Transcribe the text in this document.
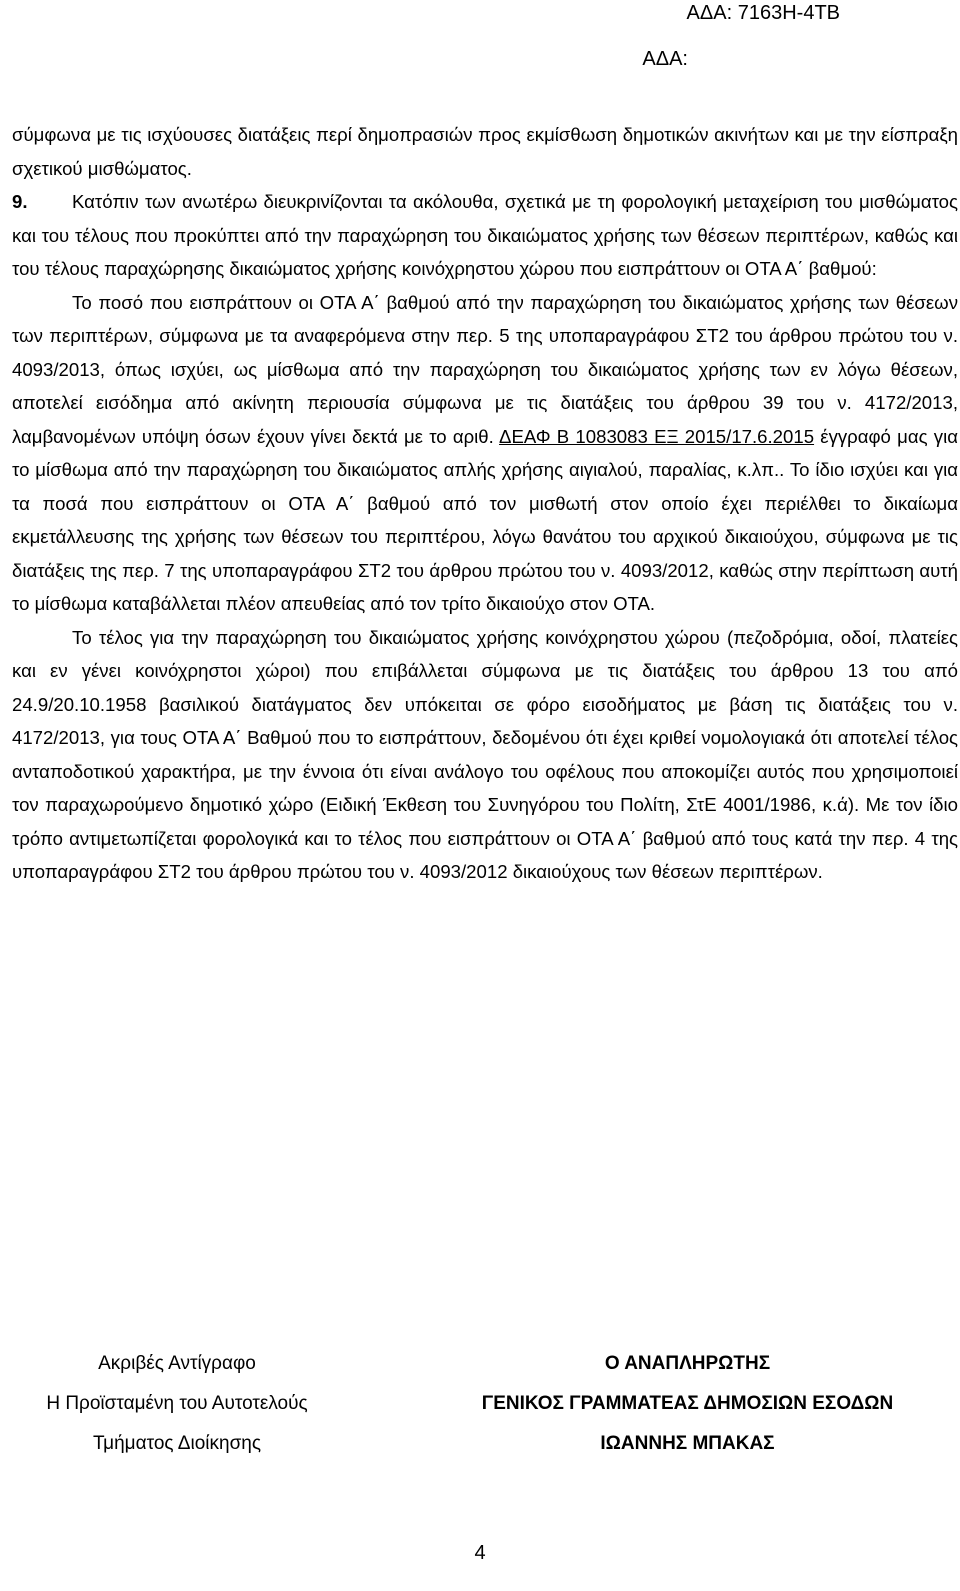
ΑΔΑ: 7163Η-4ΤΒ
ΑΔΑ:

σύμφωνα με τις ισχύουσες διατάξεις περί δημοπρασιών προς εκμίσθωση δημοτικών ακινήτων και με την είσπραξη σχετικού μισθώματος.

9. Κατόπιν των ανωτέρω διευκρινίζονται τα ακόλουθα, σχετικά με τη φορολογική μεταχείριση του μισθώματος και του τέλους που προκύπτει από την παραχώρηση του δικαιώματος χρήσης των θέσεων περιπτέρων, καθώς και του τέλους παραχώρησης δικαιώματος χρήσης κοινόχρηστου χώρου που εισπράττουν οι ΟΤΑ Α΄ βαθμού:

Το ποσό που εισπράττουν οι ΟΤΑ Α΄ βαθμού από την παραχώρηση του δικαιώματος χρήσης των θέσεων των περιπτέρων, σύμφωνα με τα αναφερόμενα στην περ. 5 της υποπαραγράφου ΣΤ2 του άρθρου πρώτου του ν. 4093/2013, όπως ισχύει, ως μίσθωμα από την παραχώρηση του δικαιώματος χρήσης των εν λόγω θέσεων, αποτελεί εισόδημα από ακίνητη περιουσία σύμφωνα με τις διατάξεις του άρθρου 39 του ν. 4172/2013, λαμβανομένων υπόψη όσων έχουν γίνει δεκτά με το αριθ. ΔΕΑΦ Β 1083083 ΕΞ 2015/17.6.2015 έγγραφό μας για το μίσθωμα από την παραχώρηση του δικαιώματος απλής χρήσης αιγιαλού, παραλίας, κ.λπ.. Το ίδιο ισχύει και για τα ποσά που εισπράττουν οι ΟΤΑ Α΄ βαθμού από τον μισθωτή στον οποίο έχει περιέλθει το δικαίωμα εκμετάλλευσης της χρήσης των θέσεων του περιπτέρου, λόγω θανάτου του αρχικού δικαιούχου, σύμφωνα με τις διατάξεις της περ. 7 της υποπαραγράφου ΣΤ2 του άρθρου πρώτου του ν. 4093/2012, καθώς στην περίπτωση αυτή το μίσθωμα καταβάλλεται πλέον απευθείας από τον τρίτο δικαιούχο στον ΟΤΑ.

Το τέλος για την παραχώρηση του δικαιώματος χρήσης κοινόχρηστου χώρου (πεζοδρόμια, οδοί, πλατείες και εν γένει κοινόχρηστοι χώροι) που επιβάλλεται σύμφωνα με τις διατάξεις του άρθρου 13 του από 24.9/20.10.1958 βασιλικού διατάγματος δεν υπόκειται σε φόρο εισοδήματος με βάση τις διατάξεις του ν. 4172/2013, για τους ΟΤΑ Α΄ Βαθμού που το εισπράττουν, δεδομένου ότι έχει κριθεί νομολογιακά ότι αποτελεί τέλος ανταποδοτικού χαρακτήρα, με την έννοια ότι είναι ανάλογο του οφέλους που αποκομίζει αυτός που χρησιμοποιεί τον παραχωρούμενο δημοτικό χώρο (Ειδική Έκθεση του Συνηγόρου του Πολίτη, ΣτΕ 4001/1986, κ.ά). Με τον ίδιο τρόπο αντιμετωπίζεται φορολογικά και το τέλος που εισπράττουν οι ΟΤΑ Α΄ βαθμού από τους κατά την περ. 4 της υποπαραγράφου ΣΤ2 του άρθρου πρώτου του ν. 4093/2012 δικαιούχους των θέσεων περιπτέρων.

Ακριβές Αντίγραφο
Η Προϊσταμένη του Αυτοτελούς
Τμήματος Διοίκησης
Ο ΑΝΑΠΛΗΡΩΤΗΣ
ΓΕΝΙΚΟΣ ΓΡΑΜΜΑΤΕΑΣ ΔΗΜΟΣΙΩΝ ΕΣΟΔΩΝ
ΙΩΑΝΝΗΣ ΜΠΑΚΑΣ
4
